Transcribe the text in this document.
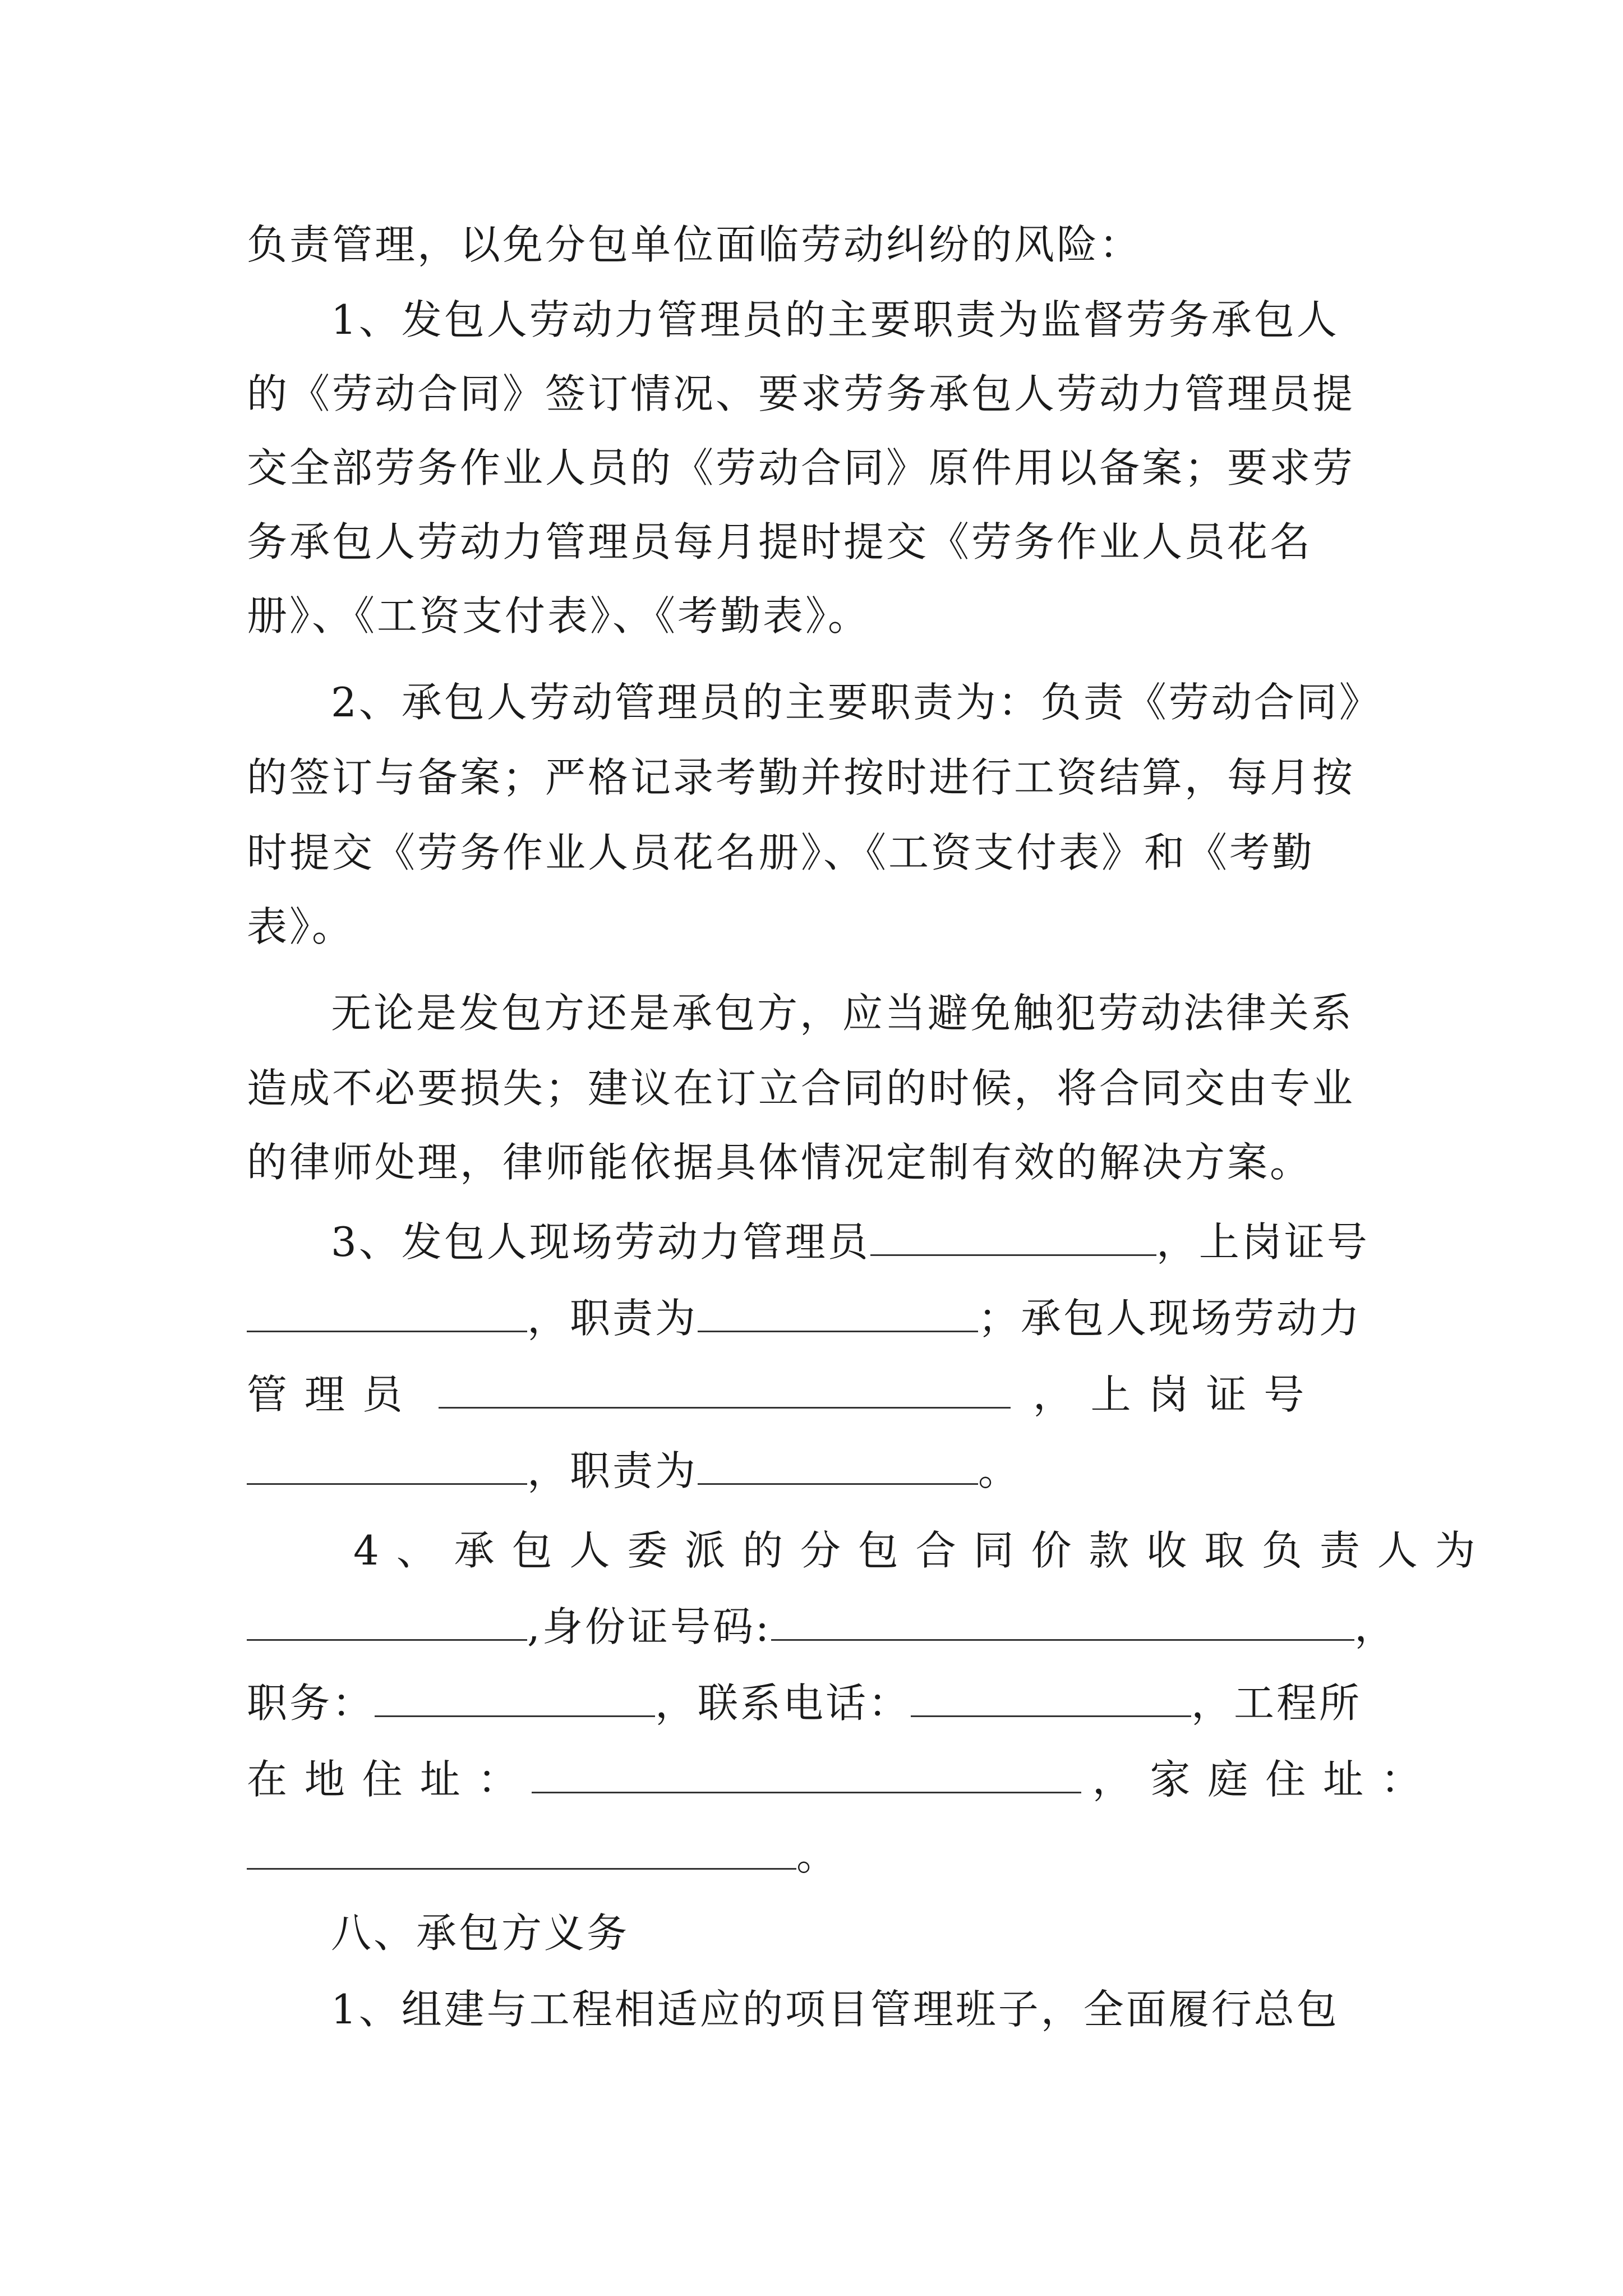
负责管理，以免分包单位面临劳动纠纷的风险：
1、发包人劳动力管理员的主要职责为监督劳务承包人
的《劳动合同》签订情况、要求劳务承包人劳动力管理员提
交全部劳务作业人员的《劳动合同》原件用以备案；要求劳
务承包人劳动力管理员每月提时提交《劳务作业人员花名
册》、《工资支付表》、《考勤表》。
2、承包人劳动管理员的主要职责为：负责《劳动合同》
的签订与备案；严格记录考勤并按时进行工资结算，每月按
时提交《劳务作业人员花名册》、《工资支付表》和《考勤
表》。
无论是发包方还是承包方，应当避免触犯劳动法律关系
造成不必要损失；建议在订立合同的时候，将合同交由专业
的律师处理，律师能依据具体情况定制有效的解决方案。
3、发包人现场劳动力管理员	，上岗证号
，职责为	；承包人现场劳动力
管 理 员	， 上 岗 证 号
，职责为	。
4 、 承 包 人 委 派 的 分 包 合 同 价 款 收 取 负 责 人 为
,身份证号码:	，
职务：	，联系电话：	，工程所
在 地 住 址 ：	， 家 庭 住 址 ：
。
八、承包方义务
1、组建与工程相适应的项目管理班子，全面履行总包
